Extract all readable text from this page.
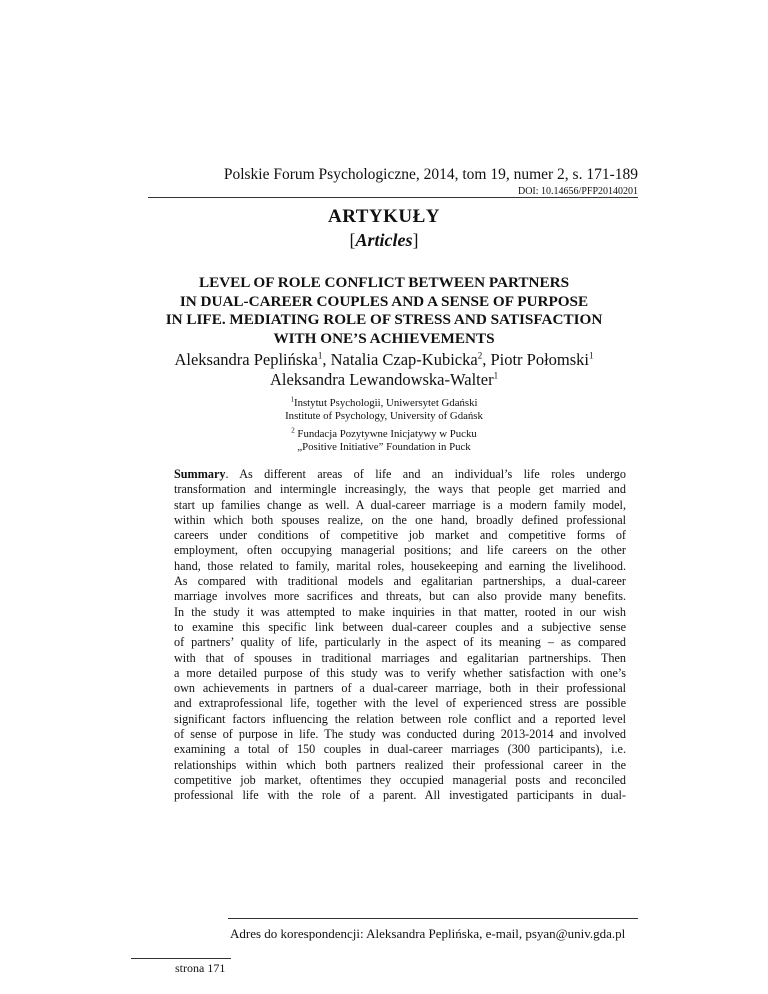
Polskie Forum Psychologiczne, 2014, tom 19, numer 2, s. 171-189
DOI: 10.14656/PFP20140201
ARTYKUŁY
[Articles]
LEVEL OF ROLE CONFLICT BETWEEN PARTNERS
IN DUAL-CAREER COUPLES AND A SENSE OF PURPOSE
IN LIFE. MEDIATING ROLE OF STRESS AND SATISFACTION
WITH ONE’S ACHIEVEMENTS
Aleksandra Peplińska$^1$, Natalia Czap-Kubicka$^2$, Piotr Połomski$^1$
Aleksandra Lewandowska-Walter$^1$
$^1$Instytut Psychologii, Uniwersytet Gdański
Institute of Psychology, University of Gdańsk
$^2$ Fundacja Pozytywne Inicjatywy w Pucku
„Positive Initiative” Foundation in Puck
Summary. As different areas of life and an individual’s life roles undergo
transformation and intermingle increasingly, the ways that people get married and
start up families change as well. A dual-career marriage is a modern family model,
within which both spouses realize, on the one hand, broadly defined professional
careers under conditions of competitive job market and competitive forms of
employment, often occupying managerial positions; and life careers on the other
hand, those related to family, marital roles, housekeeping and earning the livelihood.
As compared with traditional models and egalitarian partnerships, a dual-career
marriage involves more sacrifices and threats, but can also provide many benefits.
In the study it was attempted to make inquiries in that matter, rooted in our wish
to examine this specific link between dual-career couples and a subjective sense
of partners’ quality of life, particularly in the aspect of its meaning – as compared
with that of spouses in traditional marriages and egalitarian partnerships. Then
a more detailed purpose of this study was to verify whether satisfaction with one’s
own achievements in partners of a dual-career marriage, both in their professional
and extraprofessional life, together with the level of experienced stress are possible
significant factors influencing the relation between role conflict and a reported level
of sense of purpose in life. The study was conducted during 2013-2014 and involved
examining a total of 150 couples in dual-career marriages (300 participants), i.e.
relationships within which both partners realized their professional career in the
competitive job market, oftentimes they occupied managerial posts and reconciled
professional life with the role of a parent. All investigated participants in dual-
Adres do korespondencji: Aleksandra Peplińska, e-mail, psyan@univ.gda.pl
strona 171
